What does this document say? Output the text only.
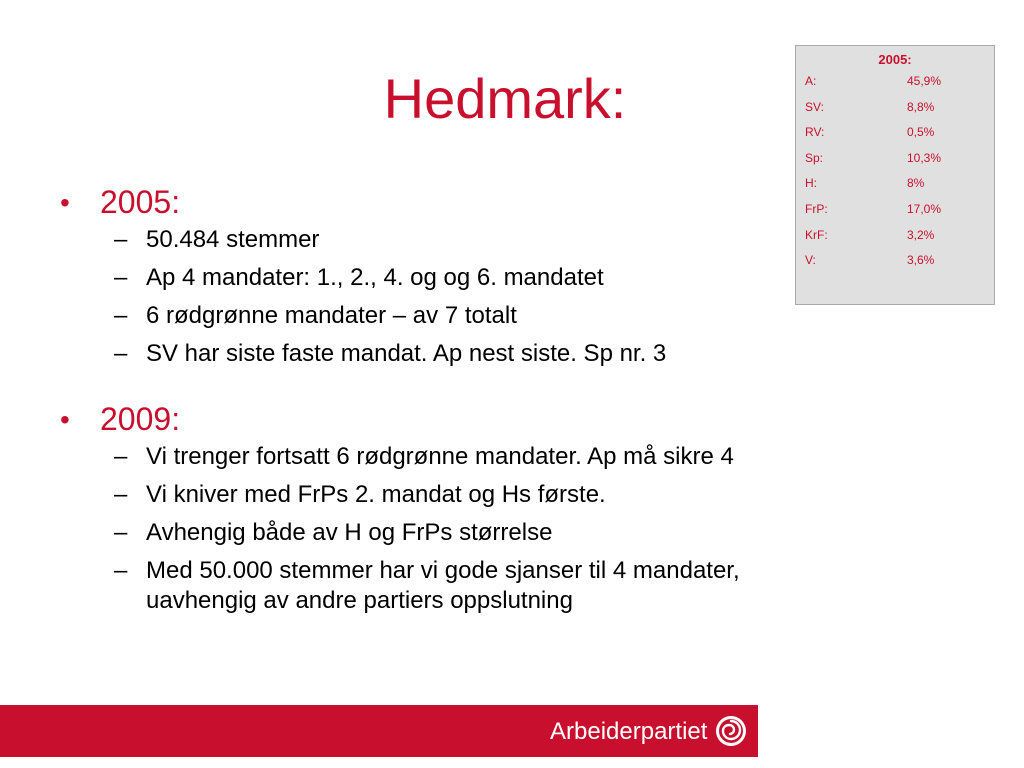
Hedmark:
2005:
A:	45,9%
SV:	8,8%
RV:	0,5%
Sp:	10,3%
H:	8%
FrP:	17,0%
KrF:	3,2%
V:	3,6%
• 2005:
– 50.484 stemmer
– Ap 4 mandater: 1., 2., 4. og og 6. mandatet
– 6 rødgrønne mandater – av 7 totalt
– SV har siste faste mandat. Ap nest siste. Sp nr. 3
• 2009:
– Vi trenger fortsatt 6 rødgrønne mandater. Ap må sikre 4
– Vi kniver med FrPs 2. mandat og Hs første.
– Avhengig både av H og FrPs størrelse
– Med 50.000 stemmer har vi gode sjanser til 4 mandater,
uavhengig av andre partiers oppslutning
Arbeiderpartiet
